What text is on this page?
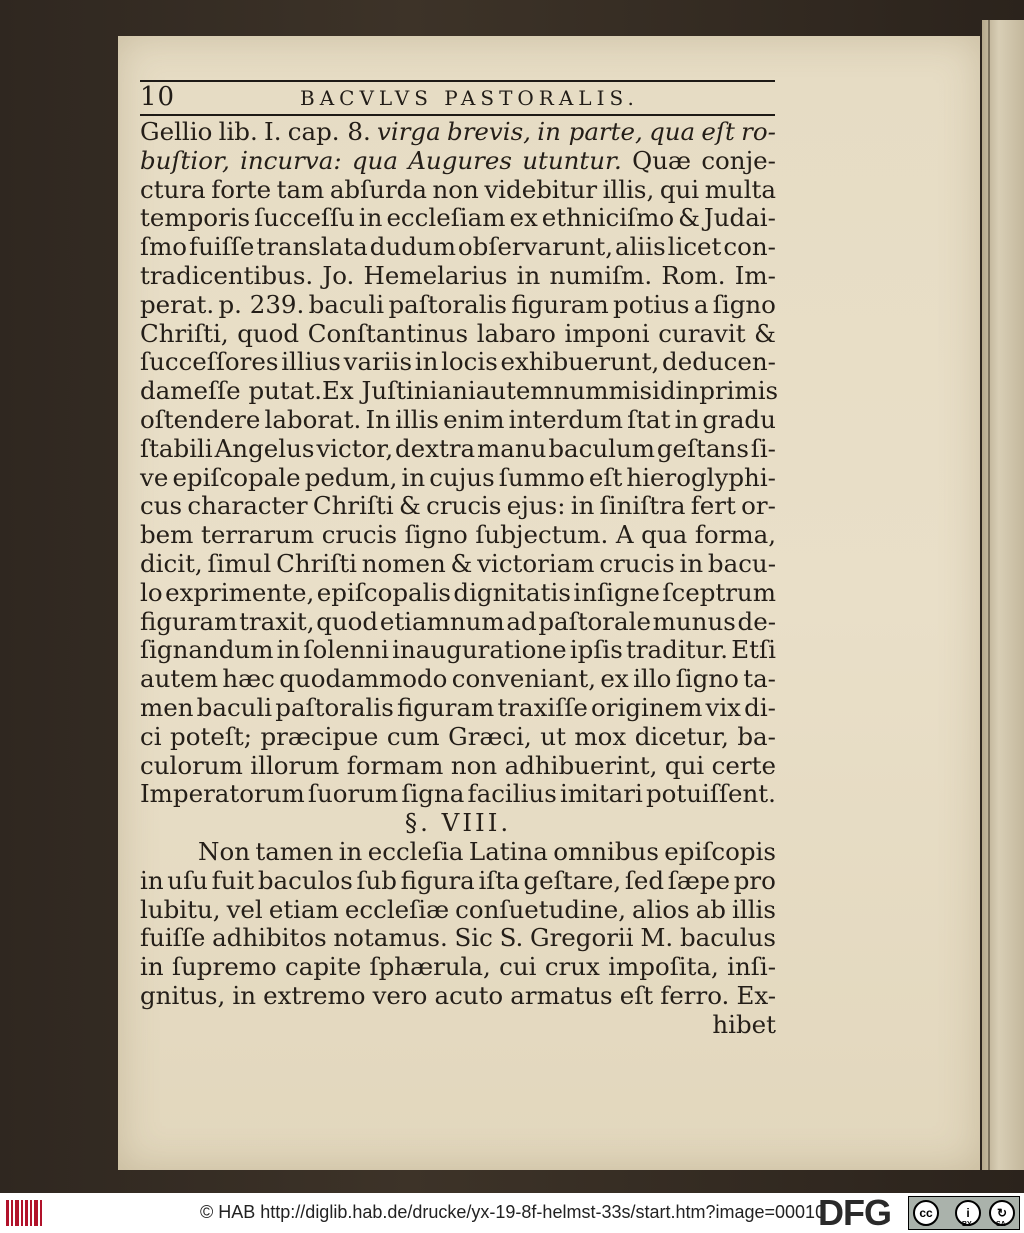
10	BACVLVS PASTORALIS.
Gellio lib. I. cap. 8. virga brevis, in parte, qua eſt ro-
buſtior, incurva: qua Augures utuntur. Quæ conje-
ctura forte tam abſurda non videbitur illis, qui multa
temporis ſucceſſu in eccleſiam ex ethniciſmo & Judai-
ſmo fuiſſe translata dudum obſervarunt, aliis licet con-
tradicentibus. Jo. Hemelarius in numiſm. Rom. Im-
perat. p. 239. baculi paſtoralis figuram potius a ſigno
Chriſti, quod Conſtantinus labaro imponi curavit &
ſucceſſores illius variis in locis exhibuerunt, deducen-
dam eſſe putat. Ex Juſtiniani autem nummis id inprimis
oſtendere laborat. In illis enim interdum ſtat in gradu
ſtabili Angelus victor, dextra manu baculum geſtans ſi-
ve epiſcopale pedum, in cujus ſummo eſt hieroglyphi-
cus character Chriſti & crucis ejus: in ſiniſtra fert or-
bem terrarum crucis ſigno ſubjectum. A qua forma,
dicit, ſimul Chriſti nomen & victoriam crucis in bacu-
lo exprimente, epiſcopalis dignitatis inſigne ſceptrum
figuram traxit, quod etiamnum ad paſtorale munus de-
ſignandum in ſolenni inauguratione ipſis traditur. Etſi
autem hæc quodammodo conveniant, ex illo ſigno ta-
men baculi paſtoralis figuram traxiſſe originem vix di-
ci poteſt; præcipue cum Græci, ut mox dicetur, ba-
culorum illorum formam non adhibuerint, qui certe
Imperatorum ſuorum ſigna facilius imitari potuiſſent.
§. VIII.
Non tamen in eccleſia Latina omnibus epiſcopis
in uſu fuit baculos ſub figura iſta geſtare, ſed ſæpe pro
lubitu, vel etiam eccleſiæ conſuetudine, alios ab illis
fuiſſe adhibitos notamus. Sic S. Gregorii M. baculus
in ſupremo capite ſphærula, cui crux impoſita, inſi-
gnitus, in extremo vero acuto armatus eſt ferro. Ex-
hibet
© HAB http://diglib.hab.de/drucke/yx-19-8f-helmst-33s/start.htm?image=00010
DFG	cc	i	↻
BY	SA
